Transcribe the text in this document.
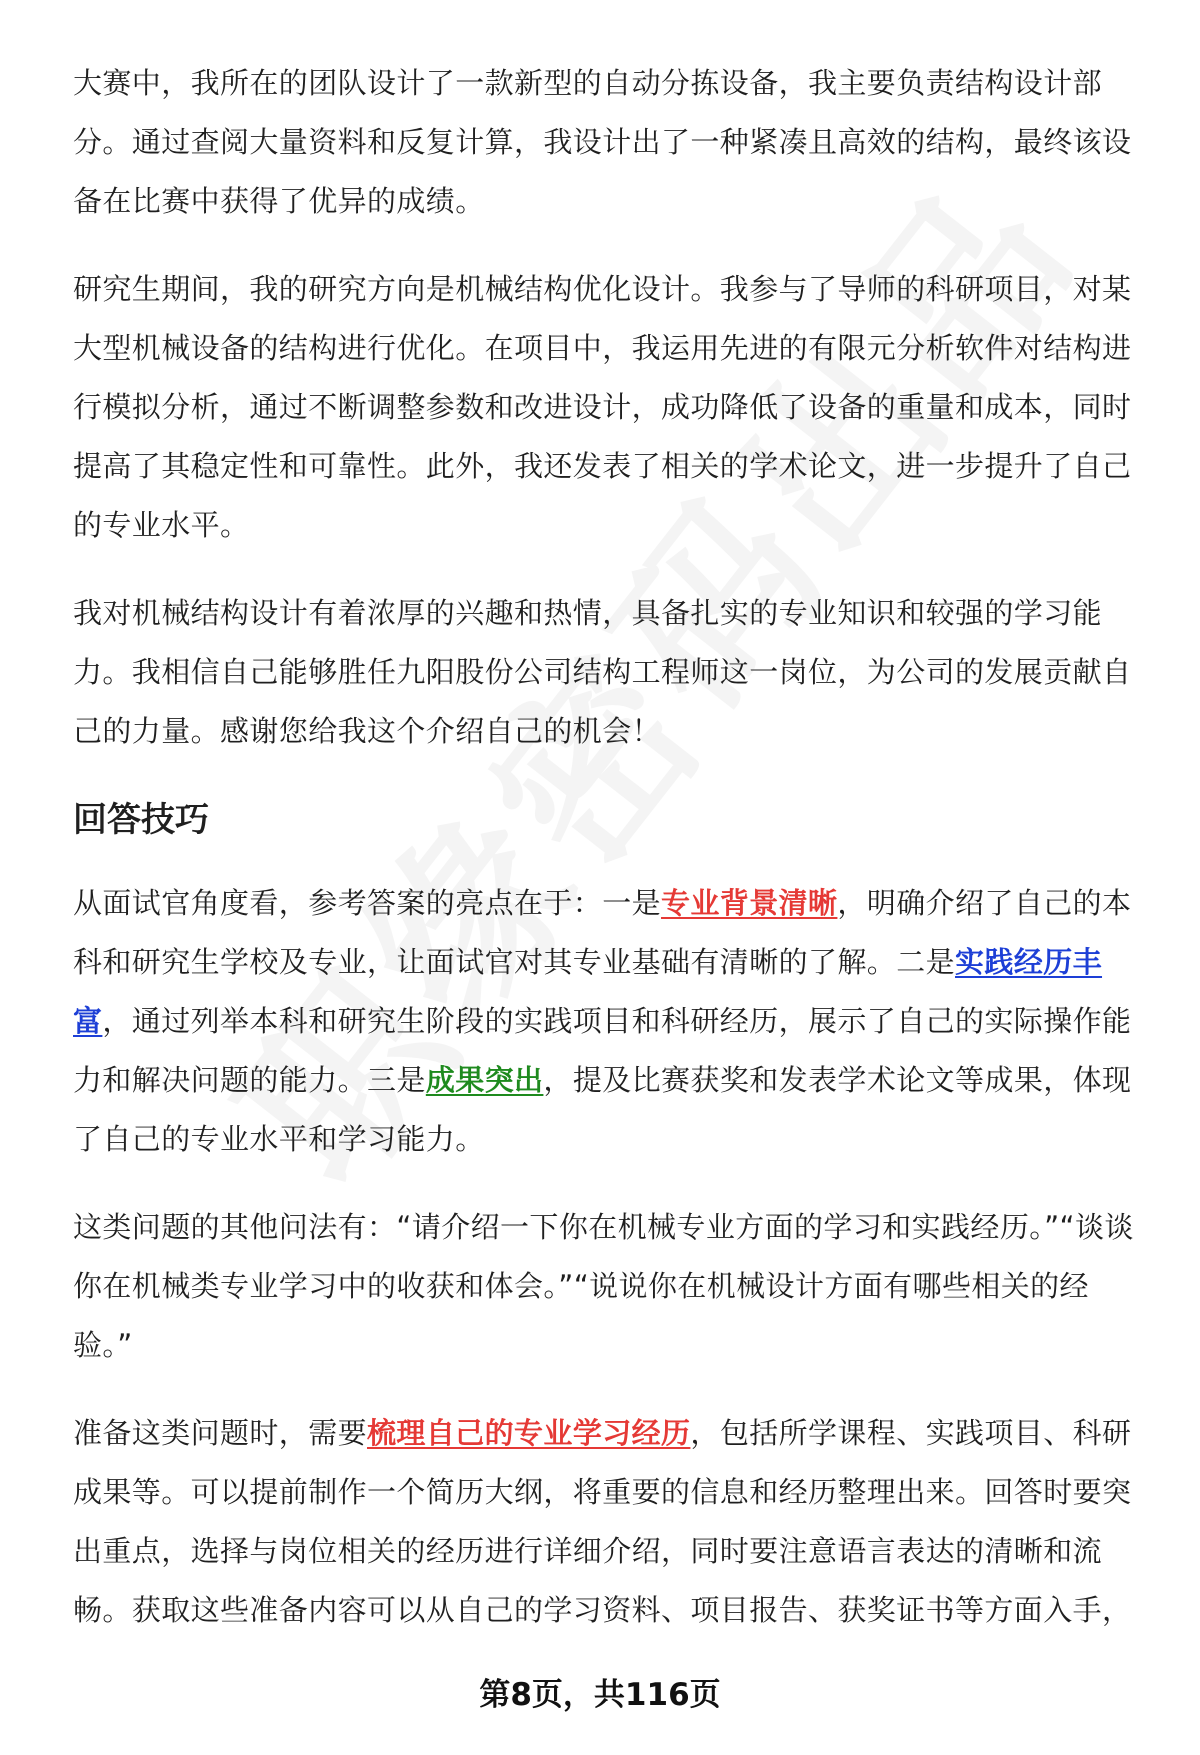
大赛中，我所在的团队设计了一款新型的自动分拣设备，我主要负责结构设计部分。通过查阅大量资料和反复计算，我设计出了一种紧凑且高效的结构，最终该设备在比赛中获得了优异的成绩。

研究生期间，我的研究方向是机械结构优化设计。我参与了导师的科研项目，对某大型机械设备的结构进行优化。在项目中，我运用先进的有限元分析软件对结构进行模拟分析，通过不断调整参数和改进设计，成功降低了设备的重量和成本，同时提高了其稳定性和可靠性。此外，我还发表了相关的学术论文，进一步提升了自己的专业水平。

我对机械结构设计有着浓厚的兴趣和热情，具备扎实的专业知识和较强的学习能力。我相信自己能够胜任九阳股份公司结构工程师这一岗位，为公司的发展贡献自己的力量。感谢您给我这个介绍自己的机会！

回答技巧

从面试官角度看，参考答案的亮点在于：一是专业背景清晰，明确介绍了自己的本科和研究生学校及专业，让面试官对其专业基础有清晰的了解。二是实践经历丰富，通过列举本科和研究生阶段的实践项目和科研经历，展示了自己的实际操作能力和解决问题的能力。三是成果突出，提及比赛获奖和发表学术论文等成果，体现了自己的专业水平和学习能力。

这类问题的其他问法有：“请介绍一下你在机械专业方面的学习和实践经历。”“谈谈你在机械类专业学习中的收获和体会。”“说说你在机械设计方面有哪些相关的经验。”

准备这类问题时，需要梳理自己的专业学习经历，包括所学课程、实践项目、科研成果等。可以提前制作一个简历大纲，将重要的信息和经历整理出来。回答时要突出重点，选择与岗位相关的经历进行详细介绍，同时要注意语言表达的清晰和流畅。获取这些准备内容可以从自己的学习资料、项目报告、获奖证书等方面入手，

第8页，共116页
